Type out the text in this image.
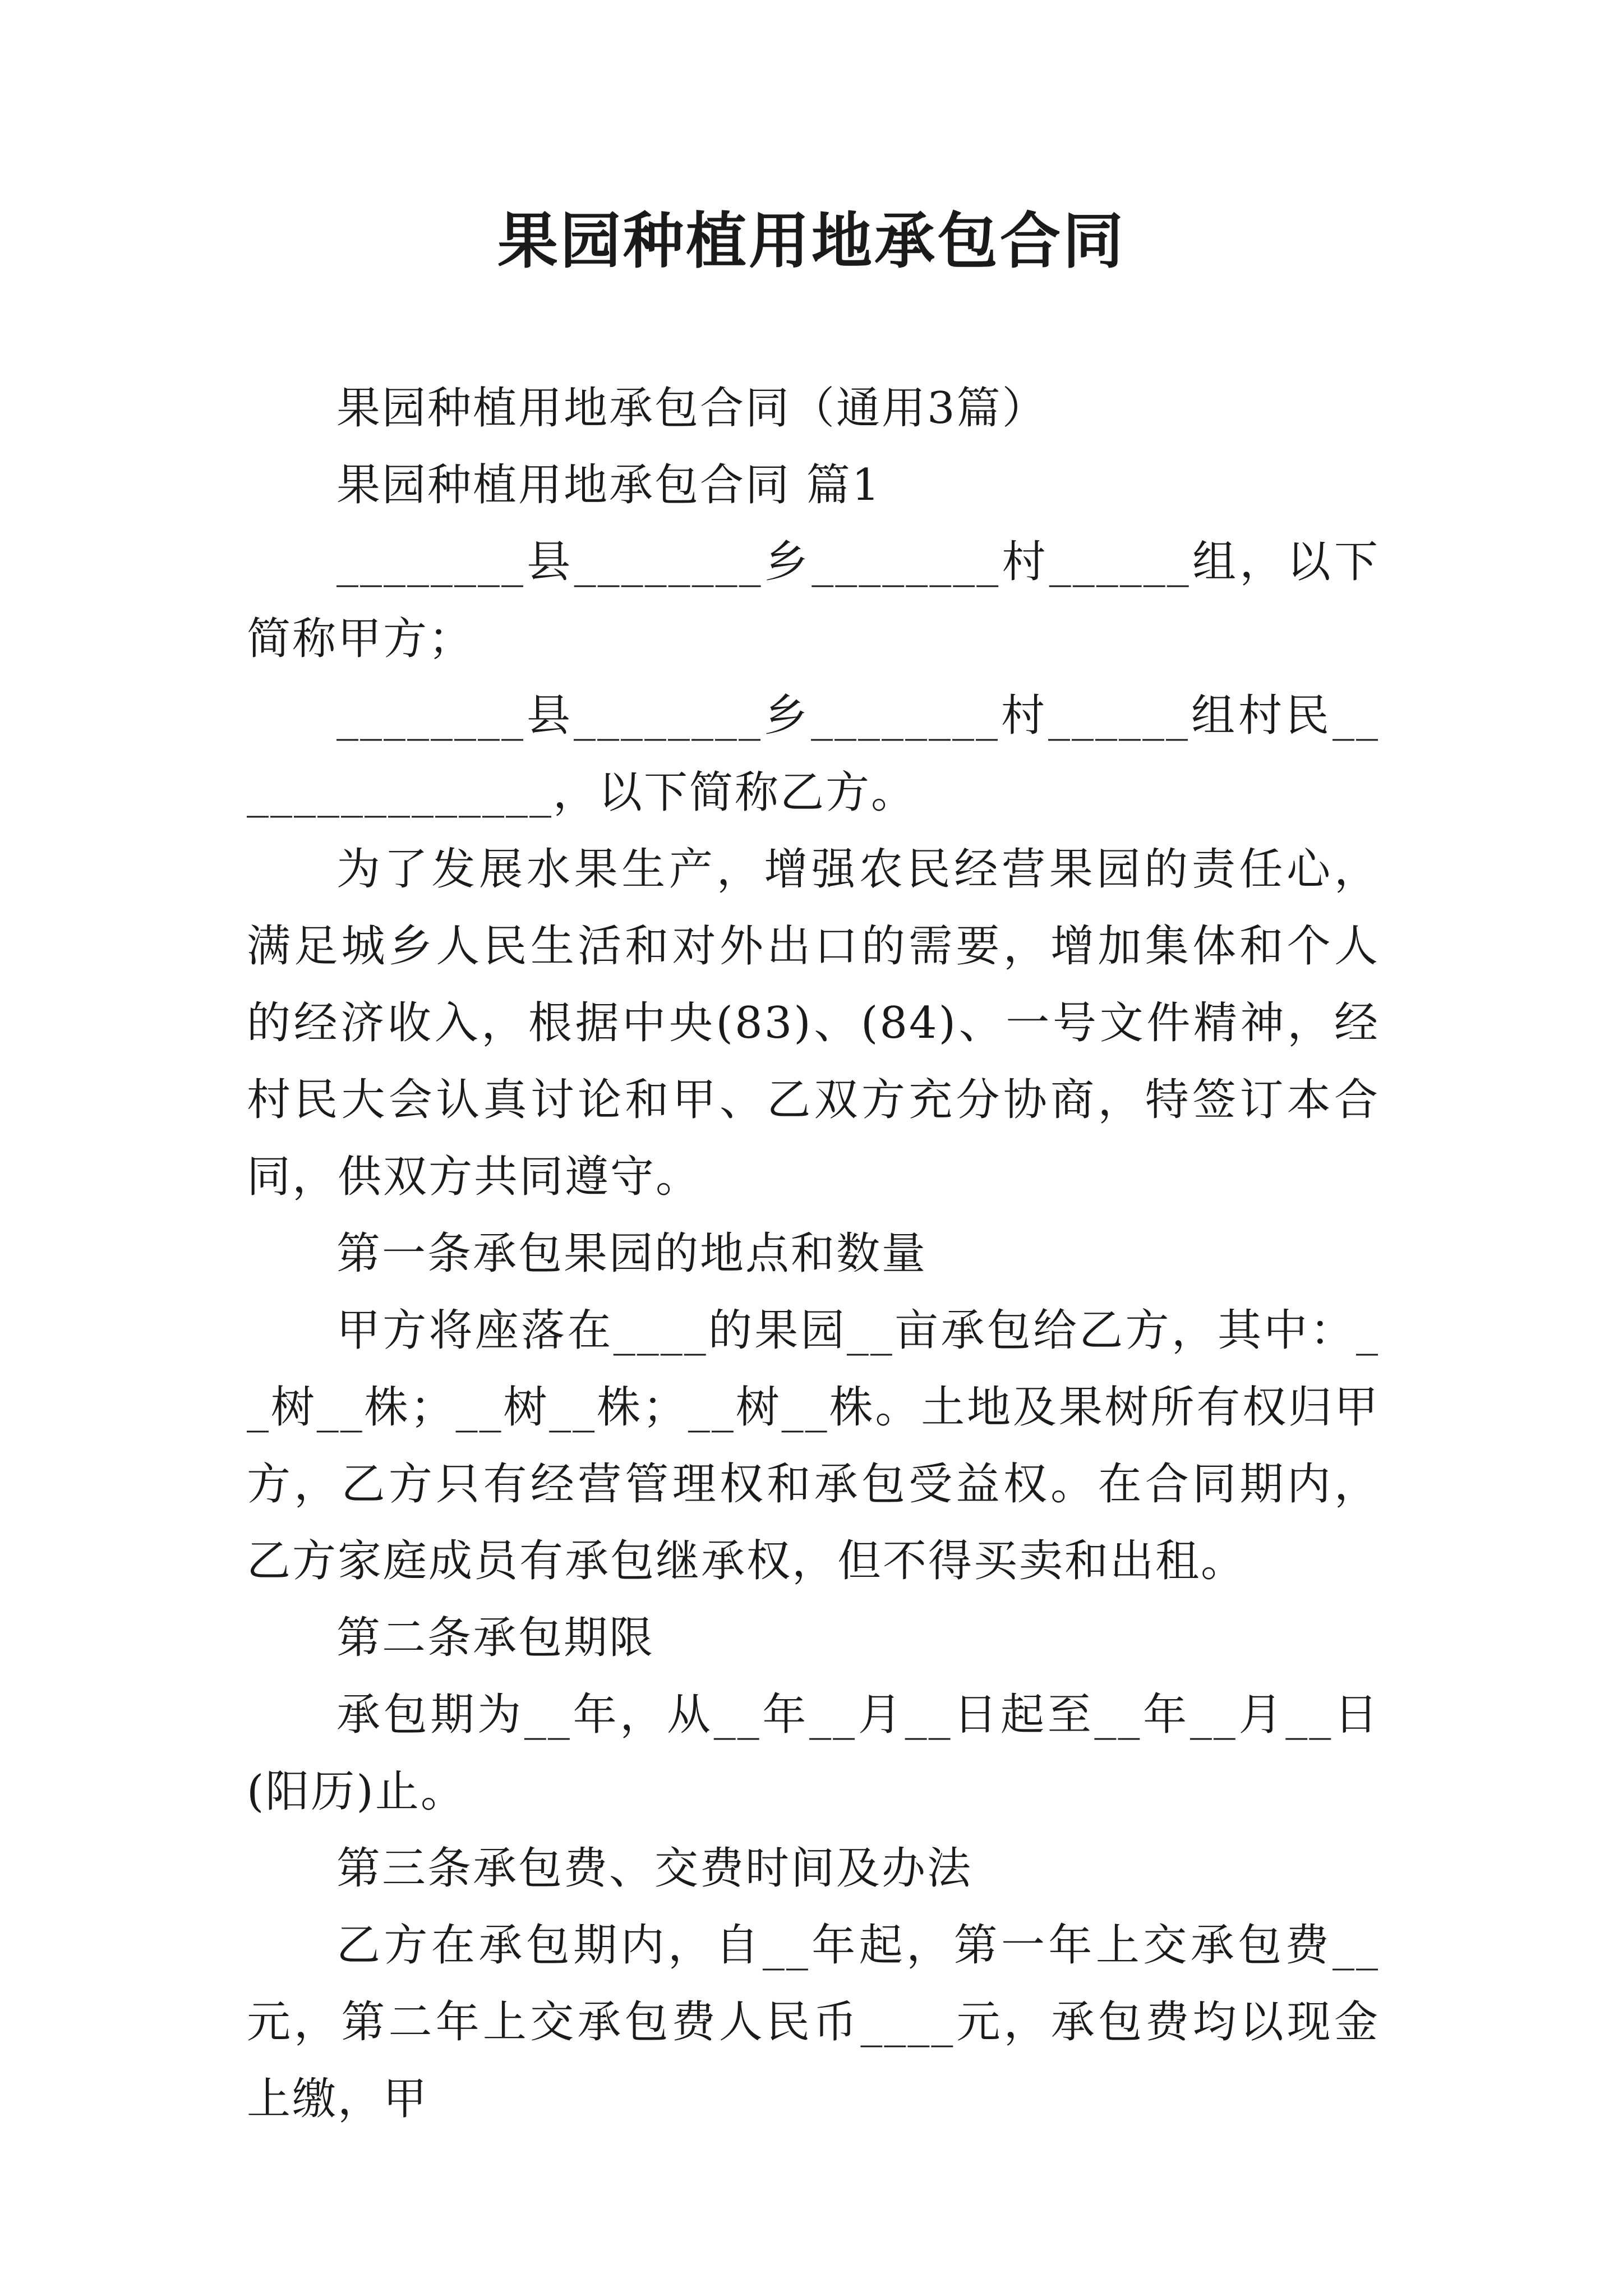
果园种植用地承包合同

果园种植用地承包合同（通用3篇）

果园种植用地承包合同 篇1

________县________乡________村______组，以下简称甲方；

________县________乡________村______组村民_______________，以下简称乙方。

为了发展水果生产，增强农民经营果园的责任心，满足城乡人民生活和对外出口的需要，增加集体和个人的经济收入，根据中央(83)、(84)、一号文件精神，经村民大会认真讨论和甲、乙双方充分协商，特签订本合同，供双方共同遵守。

第一条承包果园的地点和数量

甲方将座落在____的果园__亩承包给乙方，其中：__树__株；__树__株；__树__株。土地及果树所有权归甲方，乙方只有经营管理权和承包受益权。在合同期内，乙方家庭成员有承包继承权，但不得买卖和出租。

第二条承包期限

承包期为__年，从__年__月__日起至__年__月__日(阳历)止。

第三条承包费、交费时间及办法

乙方在承包期内，自__年起，第一年上交承包费__元，第二年上交承包费人民币____元，承包费均以现金上缴，甲
